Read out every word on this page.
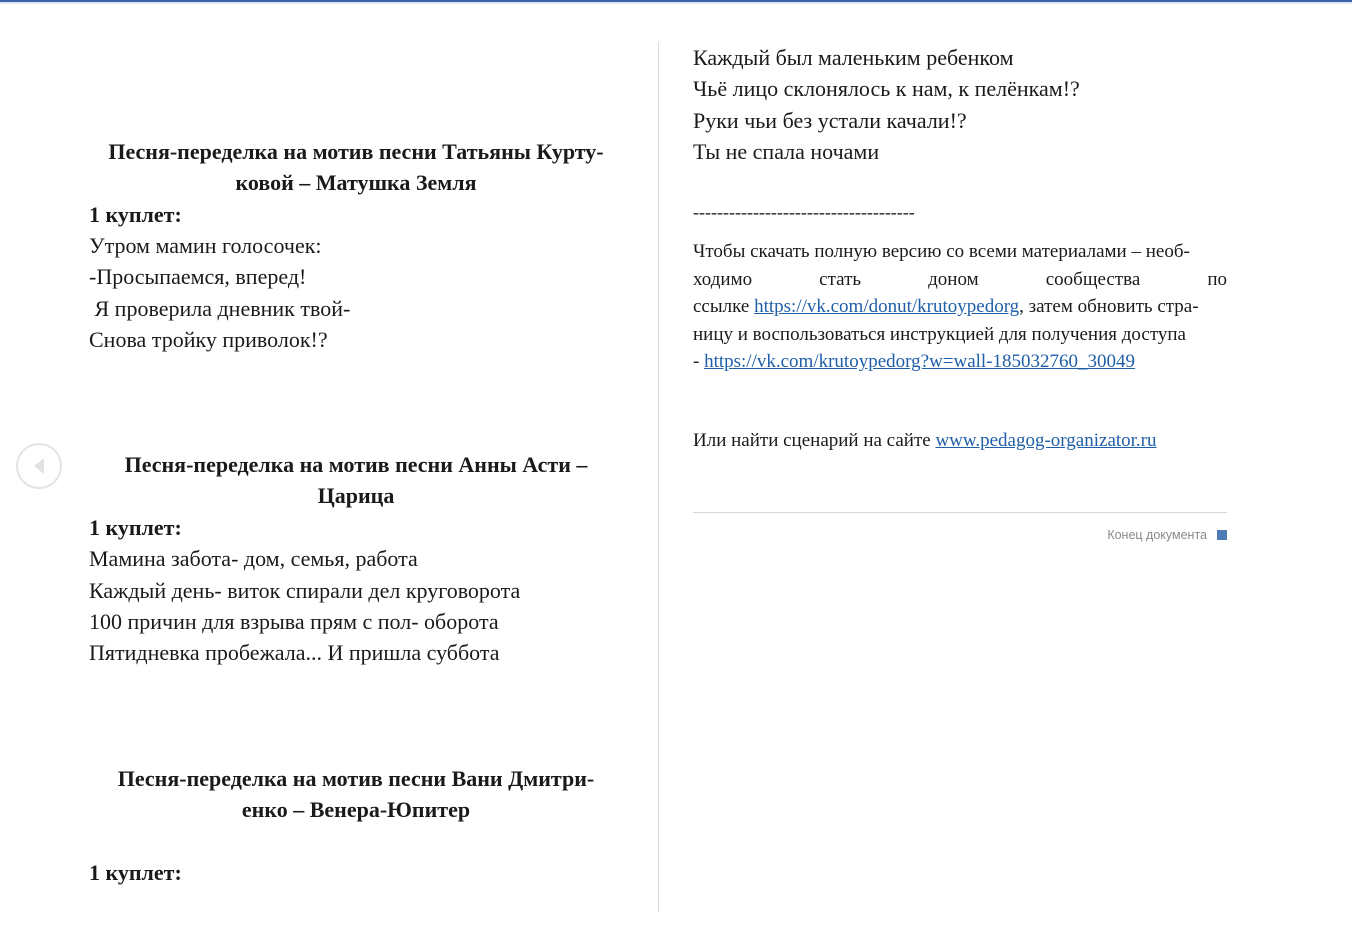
Песня-переделка на мотив песни Татьяны Курту-
ковой – Матушка Земля
1 куплет:
Утром мамин голосочек:
-Просыпаемся, вперед!
Я проверила дневник твой-
Снова тройку приволок!?
Песня-переделка на мотив песни Анны Асти –
Царица
1 куплет:
Мамина забота- дом, семья, работа
Каждый день- виток спирали дел круговорота
100 причин для взрыва прям с пол- оборота
Пятидневка пробежала... И пришла суббота
Песня-переделка на мотив песни Вани Дмитри-
енко – Венера-Юпитер
1 куплет:
Каждый был маленьким ребенком
Чьё лицо склонялось к нам, к пелёнкам!?
Руки чьи без устали качали!?
Ты не спала ночами
-------------------------------------
Чтобы скачать полную версию со всеми материалами – необ-
ходимо	стать	доном	сообщества	по
ссылке https://vk.com/donut/krutoypedorg, затем обновить стра-
ницу и воспользоваться инструкцией для получения доступа
- https://vk.com/krutoypedorg?w=wall-185032760_30049
Или найти сценарий на сайте www.pedagog-organizator.ru
Конец документа
